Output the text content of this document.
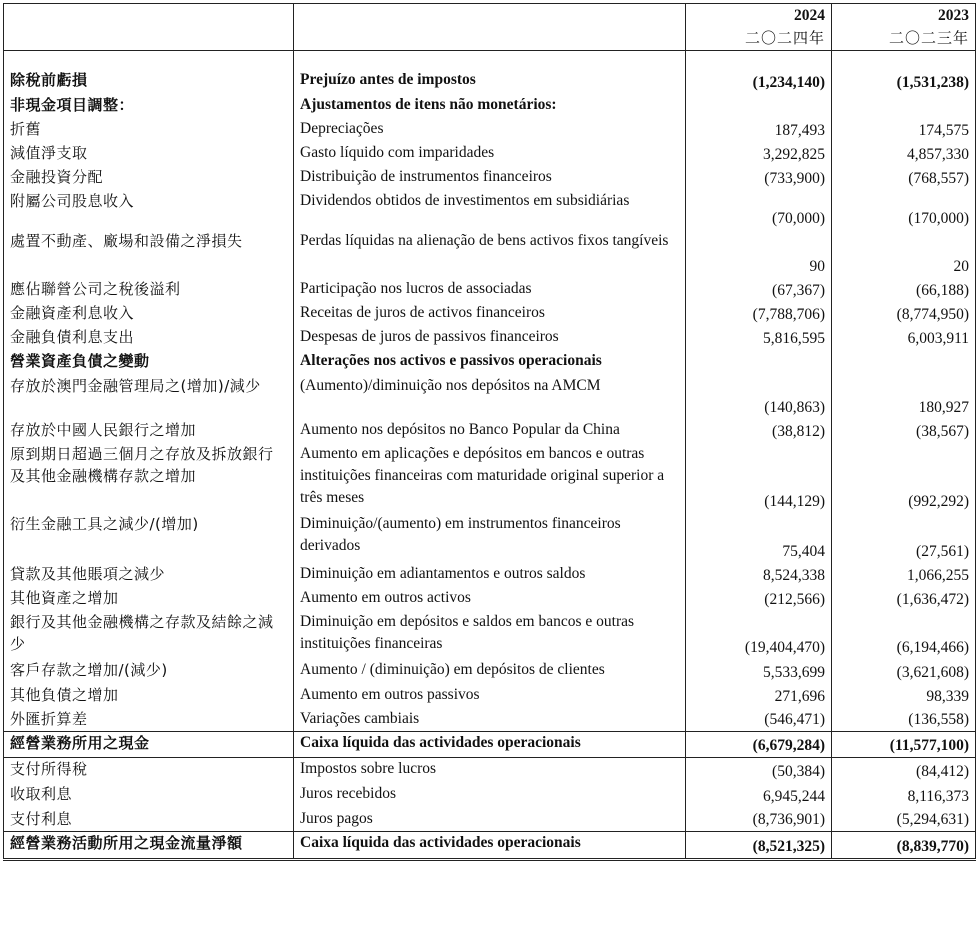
		2024	2023
		二〇二四年	二〇二三年

除稅前虧損	Prejuízo antes de impostos	(1,234,140)	(1,531,238)
非現金項目調整：	Ajustamentos de itens não monetários:		
折舊	Depreciações	187,493	174,575
減值淨支取	Gasto líquido com imparidades	3,292,825	4,857,330
金融投資分配	Distribuição de instrumentos financeiros	(733,900)	(768,557)
附屬公司股息收入	Dividendos obtidos de investimentos em subsidiárias	(70,000)	(170,000)
處置不動產、廠場和設備之淨損失	Perdas líquidas na alienação de bens activos fixos tangíveis	90	20
應佔聯營公司之稅後溢利	Participação nos lucros de associadas	(67,367)	(66,188)
金融資產利息收入	Receitas de juros de activos financeiros	(7,788,706)	(8,774,950)
金融負債利息支出	Despesas de juros de passivos financeiros	5,816,595	6,003,911
營業資產負債之變動	Alterações nos activos e passivos operacionais		
存放於澳門金融管理局之(增加)/減少	(Aumento)/diminuição nos depósitos na AMCM	(140,863)	180,927
存放於中國人民銀行之增加	Aumento nos depósitos no Banco Popular da China	(38,812)	(38,567)
原到期日超過三個月之存放及拆放銀行及其他金融機構存款之增加	Aumento em aplicações e depósitos em bancos e outras instituições financeiras com maturidade original superior a três meses	(144,129)	(992,292)
衍生金融工具之減少/(增加)	Diminuição/(aumento) em instrumentos financeiros derivados	75,404	(27,561)
貸款及其他賬項之減少	Diminuição em adiantamentos e outros saldos	8,524,338	1,066,255
其他資產之增加	Aumento em outros activos	(212,566)	(1,636,472)
銀行及其他金融機構之存款及結餘之減少	Diminuição em depósitos e saldos em bancos e outras instituições financeiras	(19,404,470)	(6,194,466)
客戶存款之增加/(減少)	Aumento / (diminuição) em depósitos de clientes	5,533,699	(3,621,608)
其他負債之增加	Aumento em outros passivos	271,696	98,339
外匯折算差	Variações cambiais	(546,471)	(136,558)
經營業務所用之現金	Caixa líquida das actividades operacionais	(6,679,284)	(11,577,100)
支付所得稅	Impostos sobre lucros	(50,384)	(84,412)
收取利息	Juros recebidos	6,945,244	8,116,373
支付利息	Juros pagos	(8,736,901)	(5,294,631)
經營業務活動所用之現金流量淨額	Caixa líquida das actividades operacionais	(8,521,325)	(8,839,770)
